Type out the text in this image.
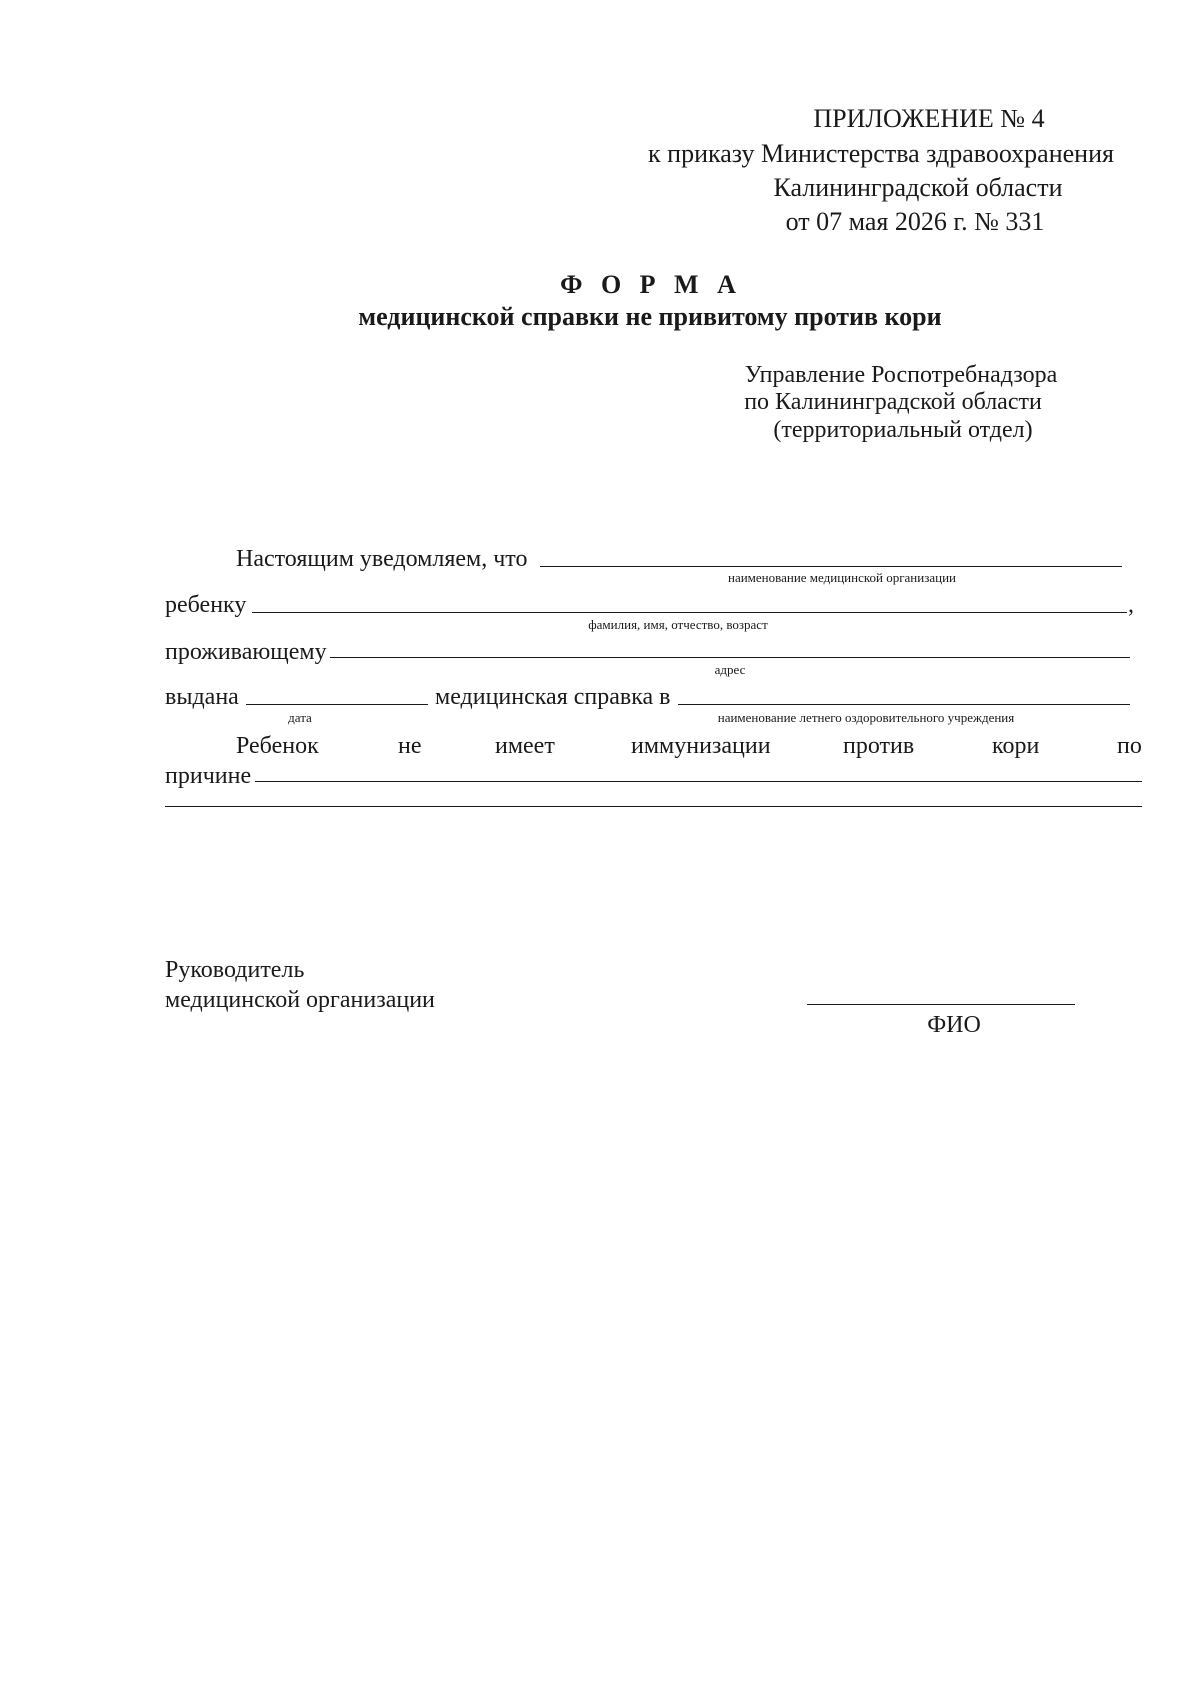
ПРИЛОЖЕНИЕ № 4
к приказу Министерства здравоохранения
Калининградской области
от 07 мая 2026 г. № 331
Ф О Р М А
медицинской справки не привитому против кори
Управление Роспотребнадзора
по Калининградской области
(территориальный отдел)
Настоящим уведомляем, что
наименование медицинской организации
ребенку	,
фамилия, имя, отчество, возраст
проживающему
адрес
выдана
дата
медицинская справка в
наименование летнего оздоровительного учреждения
Ребенок	не	имеет	иммунизации	против	кори	по
причине
Руководитель
медицинской организации
ФИО
